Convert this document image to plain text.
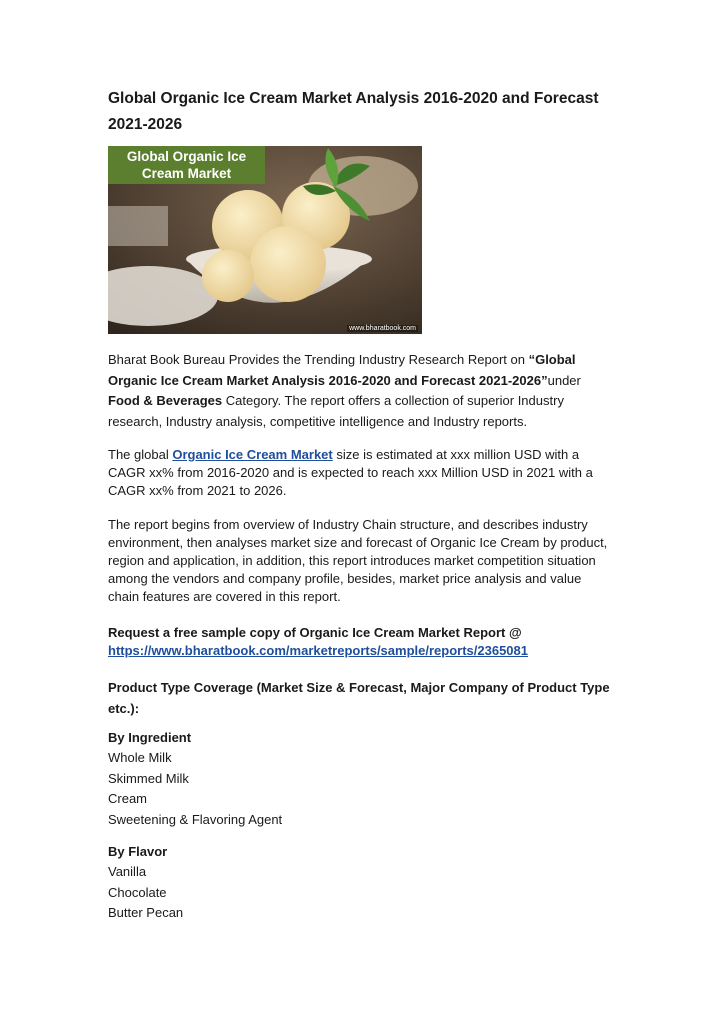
Global Organic Ice Cream Market Analysis 2016-2020 and Forecast 2021-2026
Global Organic Ice Cream Market
www.bharatbook.com

Bharat Book Bureau Provides the Trending Industry Research Report on “Global Organic Ice Cream Market Analysis 2016-2020 and Forecast 2021-2026”under Food & Beverages Category. The report offers a collection of superior Industry research, Industry analysis, competitive intelligence and Industry reports.

The global Organic Ice Cream Market size is estimated at xxx million USD with a CAGR xx% from 2016-2020 and is expected to reach xxx Million USD in 2021 with a CAGR xx% from 2021 to 2026.

The report begins from overview of Industry Chain structure, and describes industry environment, then analyses market size and forecast of Organic Ice Cream by product, region and application, in addition, this report introduces market competition situation among the vendors and company profile, besides, market price analysis and value chain features are covered in this report.

Request a free sample copy of Organic Ice Cream Market Report @ https://www.bharatbook.com/marketreports/sample/reports/2365081

Product Type Coverage (Market Size & Forecast, Major Company of Product Type etc.):

By Ingredient
Whole Milk
Skimmed Milk
Cream
Sweetening & Flavoring Agent
By Flavor
Vanilla
Chocolate
Butter Pecan
